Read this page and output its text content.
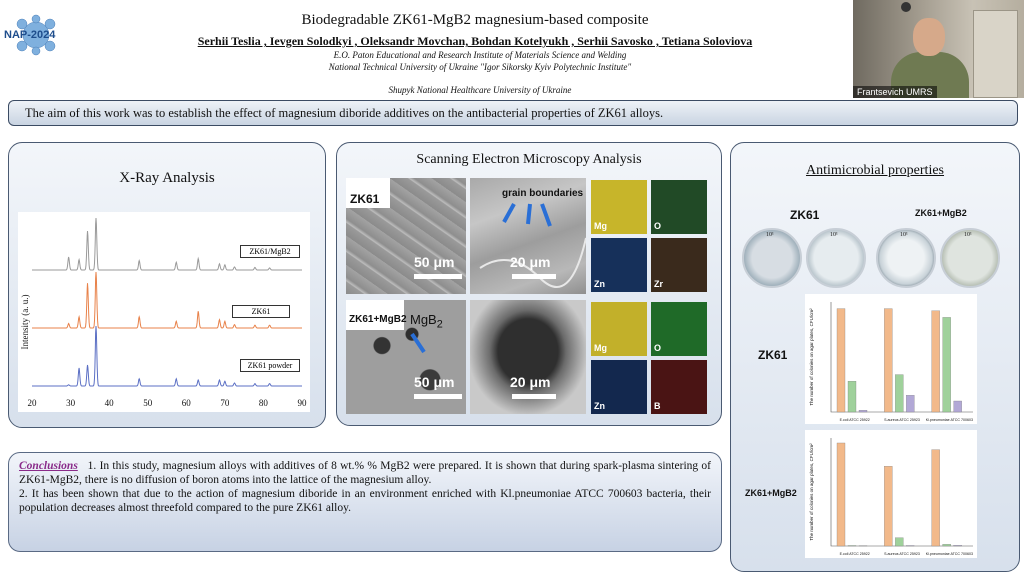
NAP-2024
Biodegradable ZK61-MgB2 magnesium-based composite
Serhii Teslia , Ievgen Solodkyi , Oleksandr Movchan, Bohdan Kotelyukh , Serhii Savosko , Tetiana Soloviova
E.O. Paton Educational and Research Institute of Materials Science and Welding
National Technical University of Ukraine "Igor Sikorsky Kyiv Polytechnic Institute"
Shupyk National Healthcare University of Ukraine	Frantsevich UMRS
The aim of this work was to establish the effect of magnesium diboride additives on the antibacterial properties of ZK61 alloys.
X-Ray Analysis
Intensity (a. u.)
20	30	40	50	60	70	80	90
ZK61/MgB2
ZK61
ZK61 powder
Scanning Electron Microscopy Analysis
ZK61
50 μm
grain boundaries
20 μm
Mg	O
Zn	Zr
ZK61+MgB2 MgB$_2$
50 μm	20 μm
Mg	O
Zn	B
Antimicrobial properties
ZK61	ZK61+MgB2
10¹	10¹	10¹	10¹
ZK61
ZK61+MgB2
The number of colonies on agar plates, CFU/cm²
E.coli ATCC 25922	S.aureus ATCC 25923 Kl.pneumoniae ATCC 700603
The number of colonies on agar plates, CFU/cm²
E.coli ATCC 25922	S.aureus ATCC 25923 Kl.pneumoniae ATCC 700603
Conclusions 1. In this study, magnesium alloys with additives of 8 wt.% % MgB2 were prepared. It is shown that during spark-plasma sintering of ZK61-MgB2, there is no diffusion of boron atoms into the lattice of the magnesium alloy.
2. It has been shown that due to the action of magnesium diboride in an environment enriched with Kl.pneumoniae ATCC 700603 bacteria, their population decreases almost threefold compared to the pure ZK61 alloy.
